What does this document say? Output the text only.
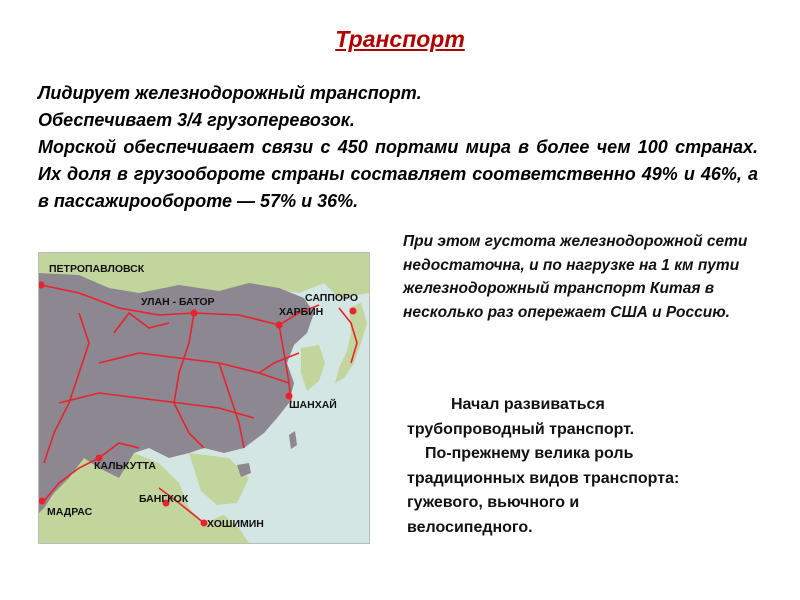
Транспорт
Лидирует железнодорожный транспорт.
Обеспечивает 3/4 грузоперевозок.
Морской обеспечивает связи с 450 портами мира в более чем 100 странах. Их доля в грузообороте страны составляет соответственно 49% и 46%, а в пассажирообороте — 57% и 36%.
ПЕТРОПАВЛОВСК
УЛАН - БАТОР	САППОРО
ХАРБИН
ШАНХАЙ
КАЛЬКУТТА
МАДРАС
БАНГКОК
ХОШИМИН
При этом густота железнодорожной сети недостаточна, и по нагрузке на 1 км пути железнодорожный транспорт Китая в несколько раз опережает США и Россию.
Начал развиваться
трубопроводный транспорт.
По-прежнему велика роль
традиционных видов транспорта:
гужевого, вьючного и
велосипедного.
